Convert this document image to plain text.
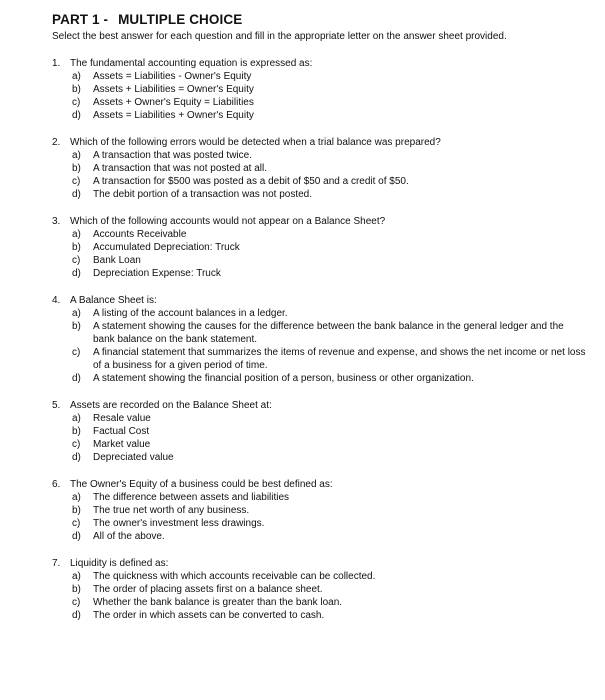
PART 1 - MULTIPLE CHOICE
Select the best answer for each question and fill in the appropriate letter on the answer sheet provided.
1. The fundamental accounting equation is expressed as:
a)	Assets = Liabilities - Owner's Equity
b)	Assets + Liabilities = Owner's Equity
c)	Assets + Owner's Equity = Liabilities
d)	Assets = Liabilities + Owner's Equity
2. Which of the following errors would be detected when a trial balance was prepared?
a)	A transaction that was posted twice.
b)	A transaction that was not posted at all.
c)	A transaction for $500 was posted as a debit of $50 and a credit of $50.
d)	The debit portion of a transaction was not posted.
3. Which of the following accounts would not appear on a Balance Sheet?
a)	Accounts Receivable
b)	Accumulated Depreciation: Truck
c)	Bank Loan
d)	Depreciation Expense: Truck
4. A Balance Sheet is:
a)	A listing of the account balances in a ledger.
b)	A statement showing the causes for the difference between the bank balance in the general ledger and the bank balance on the bank statement.
c)	A financial statement that summarizes the items of revenue and expense, and shows the net income or net loss of a business for a given period of time.
d)	A statement showing the financial position of a person, business or other organization.
5. Assets are recorded on the Balance Sheet at:
a)	Resale value
b)	Factual Cost
c)	Market value
d)	Depreciated value
6. The Owner's Equity of a business could be best defined as:
a)	The difference between assets and liabilities
b)	The true net worth of any business.
c)	The owner's investment less drawings.
d)	All of the above.
7. Liquidity is defined as:
a)	The quickness with which accounts receivable can be collected.
b)	The order of placing assets first on a balance sheet.
c)	Whether the bank balance is greater than the bank loan.
d)	The order in which assets can be converted to cash.
